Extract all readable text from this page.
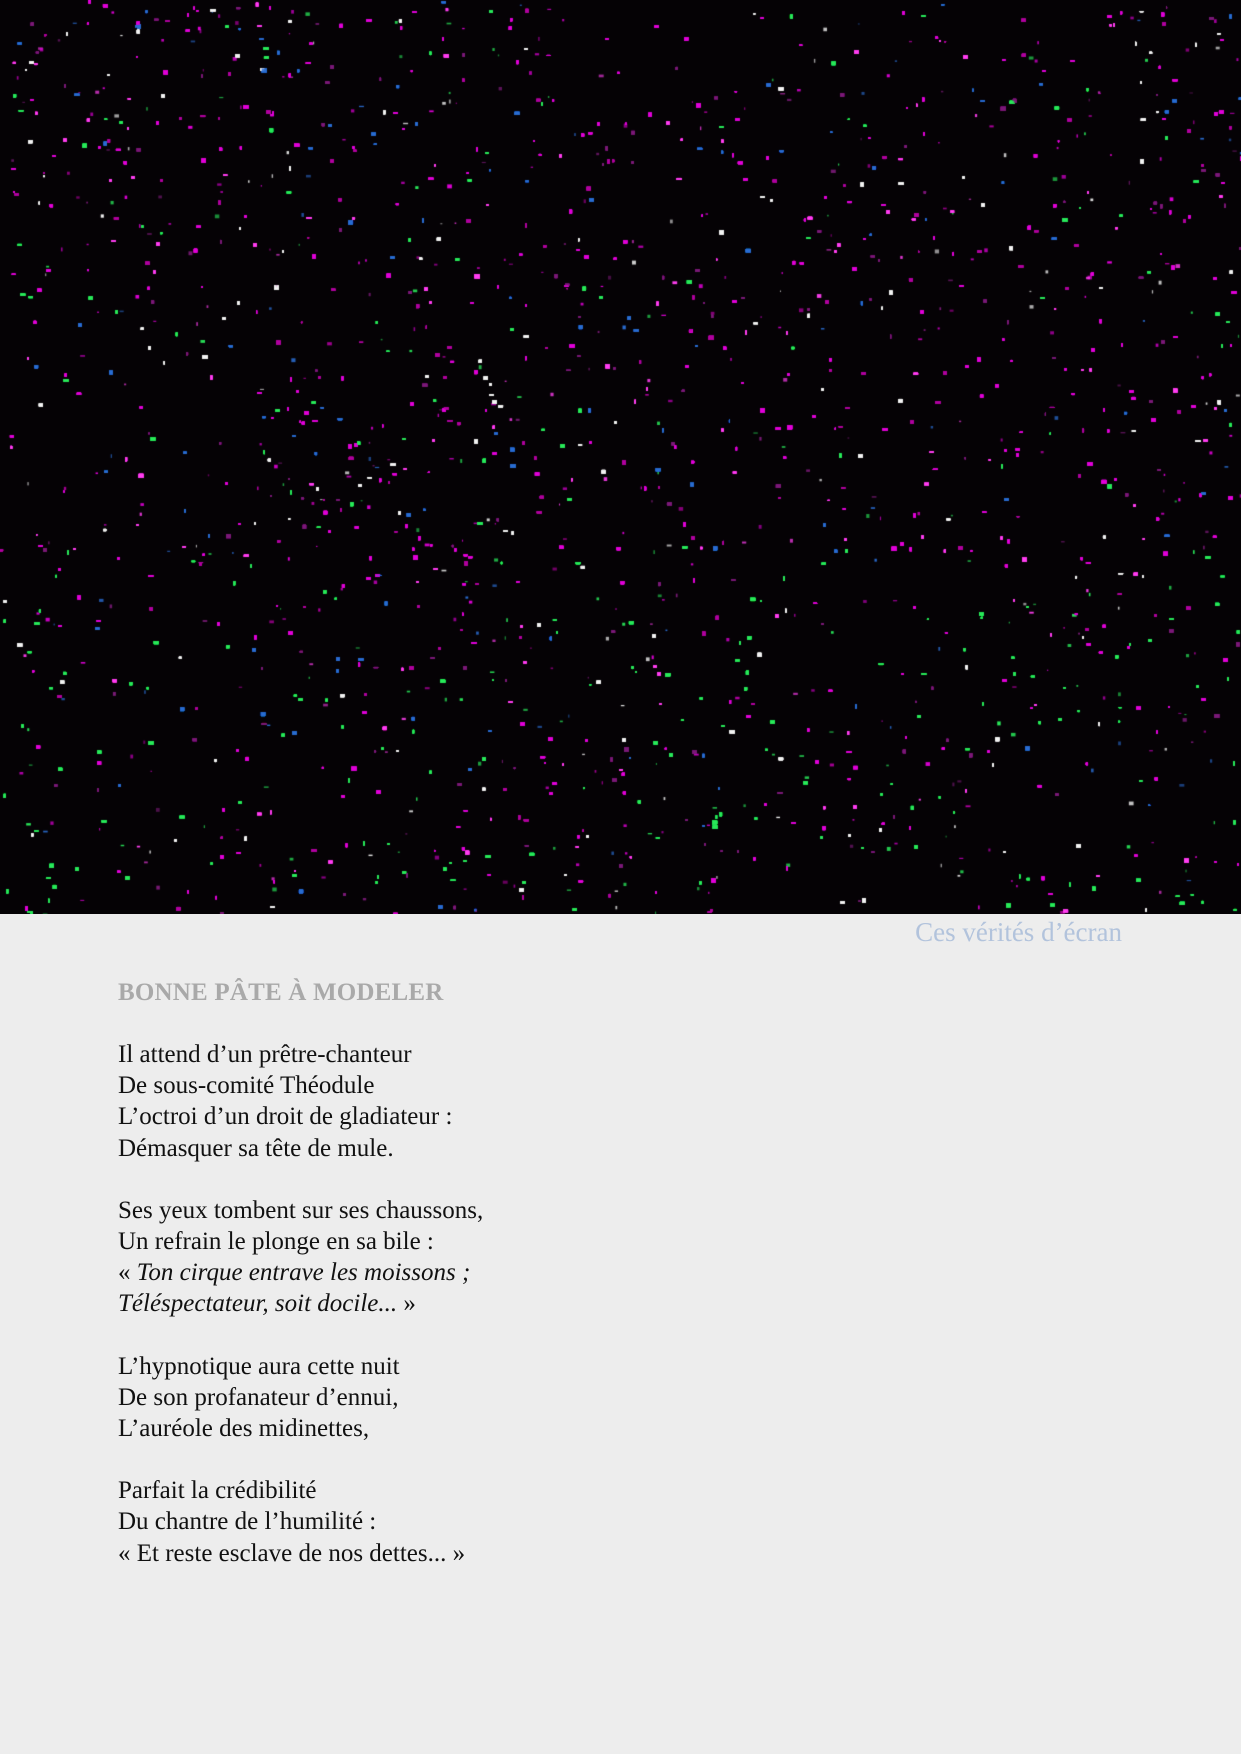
Ces vérités d’écran
BONNE PÂTE À MODELER
Il attend d’un prêtre-chanteur
De sous-comité Théodule
L’octroi d’un droit de gladiateur :
Démasquer sa tête de mule.
Ses yeux tombent sur ses chaussons,
Un refrain le plonge en sa bile :
« Ton cirque entrave les moissons ;
Téléspectateur, soit docile... »
L’hypnotique aura cette nuit
De son profanateur d’ennui,
L’auréole des midinettes,
Parfait la crédibilité
Du chantre de l’humilité :
« Et reste esclave de nos dettes... »
